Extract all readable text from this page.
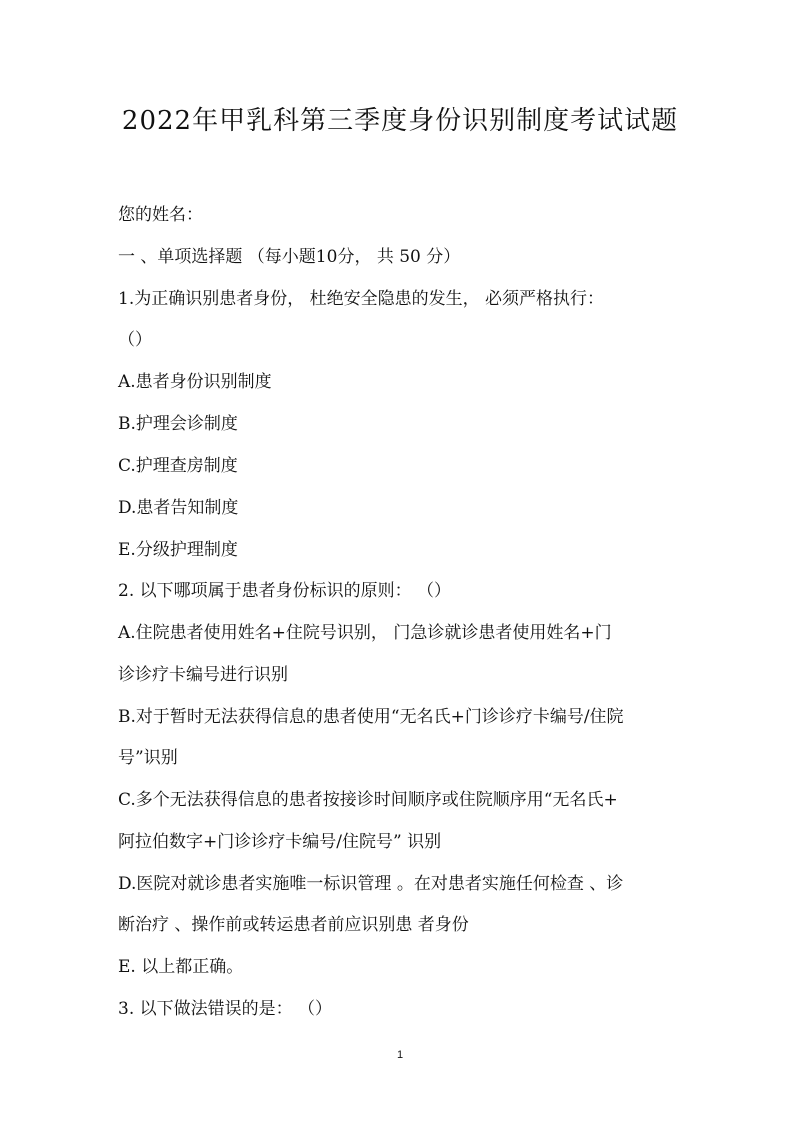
2022年甲乳科第三季度身份识别制度考试试题

您的姓名：

一 、单项选择题 （每小题10分， 共 50 分）

1.为正确识别患者身份， 杜绝安全隐患的发生， 必须严格执行：

（）

A.患者身份识别制度

B.护理会诊制度

C.护理查房制度

D.患者告知制度

E.分级护理制度

2. 以下哪项属于患者身份标识的原则： （）

A.住院患者使用姓名+住院号识别， 门急诊就诊患者使用姓名+门

诊诊疗卡编号进行识别

B.对于暂时无法获得信息的患者使用“无名氏+门诊诊疗卡编号/住院

号”识别

C.多个无法获得信息的患者按接诊时间顺序或住院顺序用“无名氏+

阿拉伯数字+门诊诊疗卡编号/住院号” 识别

D.医院对就诊患者实施唯一标识管理 。在对患者实施任何检查 、诊

断治疗 、操作前或转运患者前应识别患 者身份

E. 以上都正确。

3. 以下做法错误的是： （）

1
